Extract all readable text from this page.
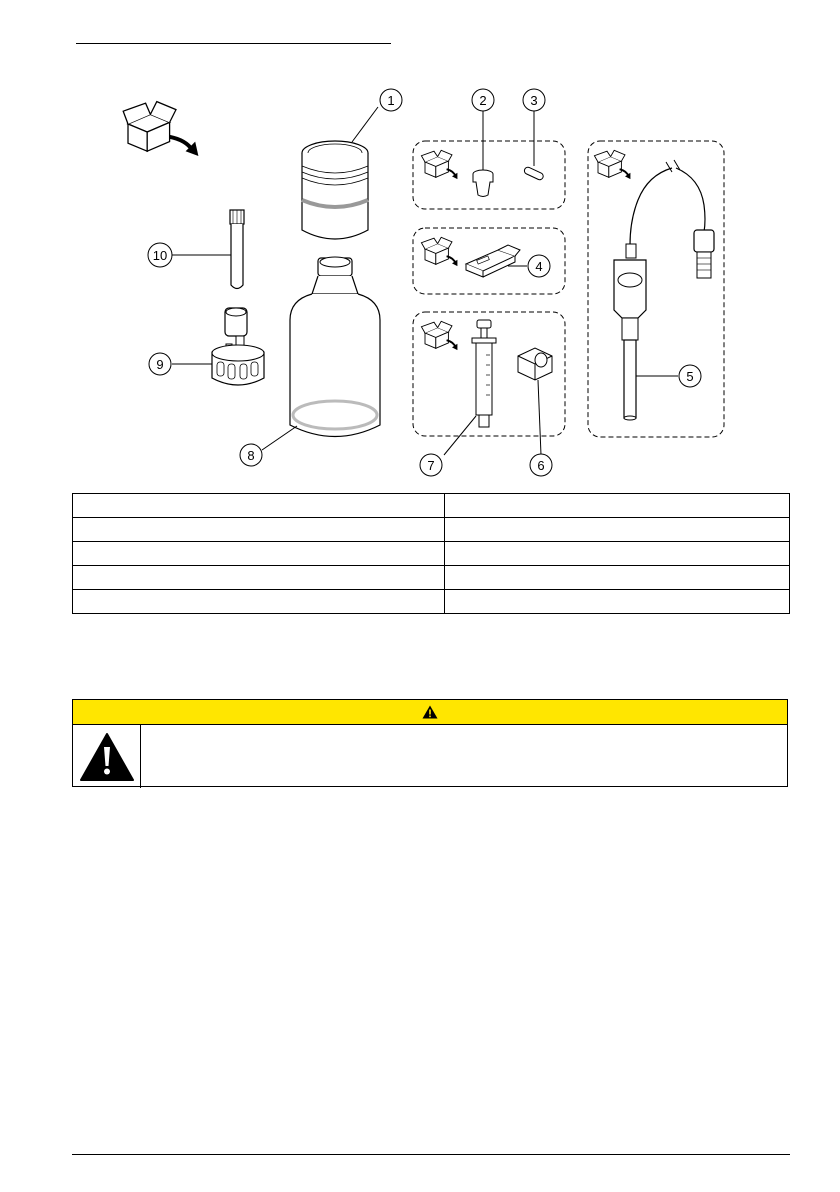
1	2	3
4
5
6
7
8
9
10
